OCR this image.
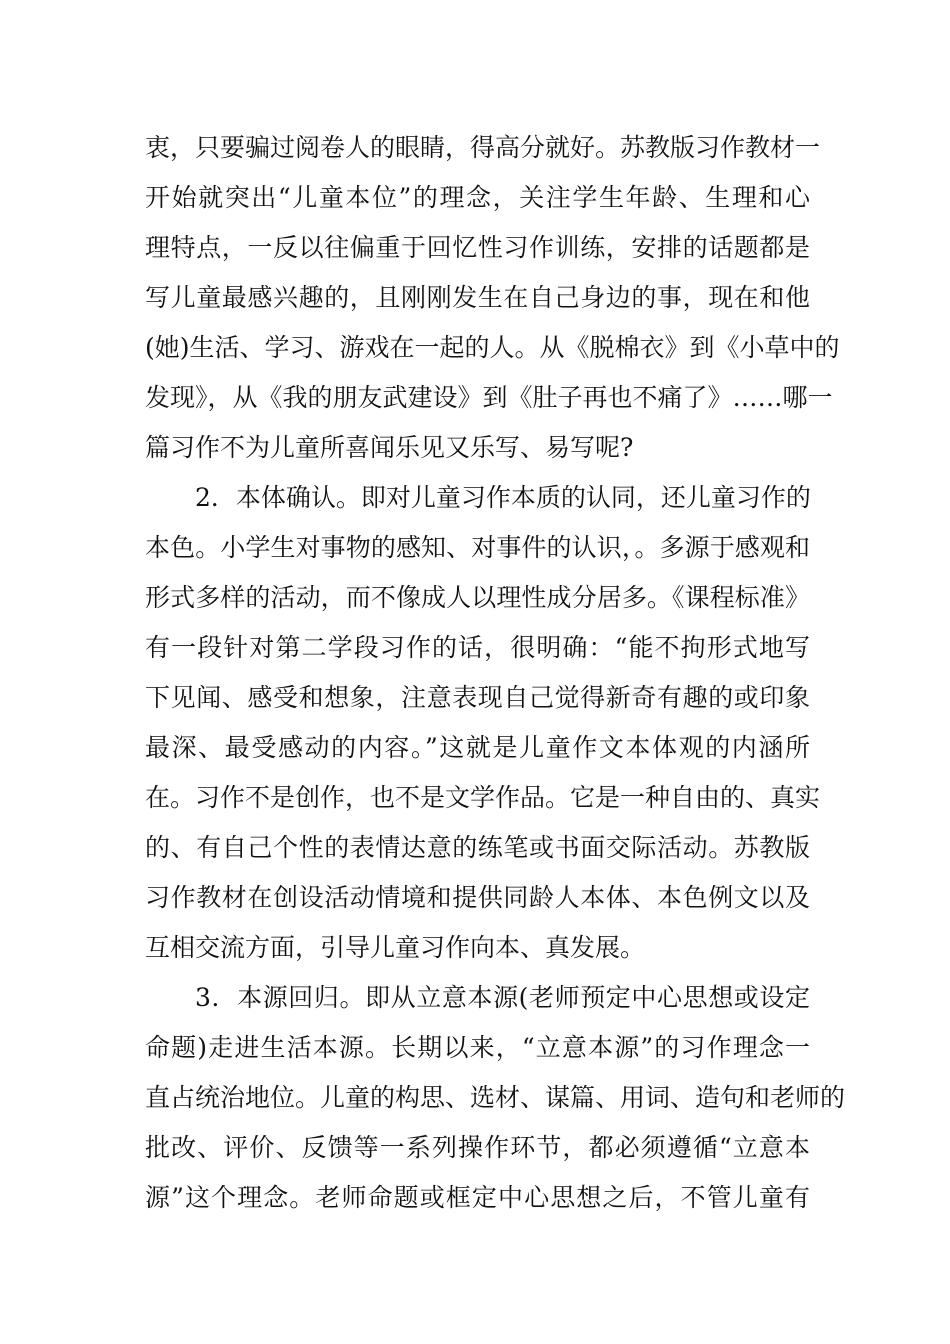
衷，只要骗过阅卷人的眼睛，得高分就好。苏教版习作教材一
开始就突出“儿童本位”的理念，关注学生年龄、生理和心
理特点，一反以往偏重于回忆性习作训练，安排的话题都是
写儿童最感兴趣的，且刚刚发生在自己身边的事，现在和他
(她)生活、学习、游戏在一起的人。从《脱棉衣》到《小草中的
发现》，从《我的朋友武建设》到《肚子再也不痛了》……哪一
篇习作不为儿童所喜闻乐见又乐写、易写呢?
2．本体确认。即对儿童习作本质的认同，还儿童习作的
本色。小学生对事物的感知、对事件的认识，。多源于感观和
形式多样的活动，而不像成人以理性成分居多。《课程标准》
有一段针对第二学段习作的话，很明确：“能不拘形式地写
下见闻、感受和想象，注意表现自己觉得新奇有趣的或印象
最深、最受感动的内容。”这就是儿童作文本体观的内涵所
在。习作不是创作，也不是文学作品。它是一种自由的、真实
的、有自己个性的表情达意的练笔或书面交际活动。苏教版
习作教材在创设活动情境和提供同龄人本体、本色例文以及
互相交流方面，引导儿童习作向本、真发展。
3．本源回归。即从立意本源(老师预定中心思想或设定
命题)走进生活本源。长期以来，“立意本源”的习作理念一
直占统治地位。儿童的构思、选材、谋篇、用词、造句和老师的
批改、评价、反馈等一系列操作环节，都必须遵循“立意本
源”这个理念。老师命题或框定中心思想之后，不管儿童有
